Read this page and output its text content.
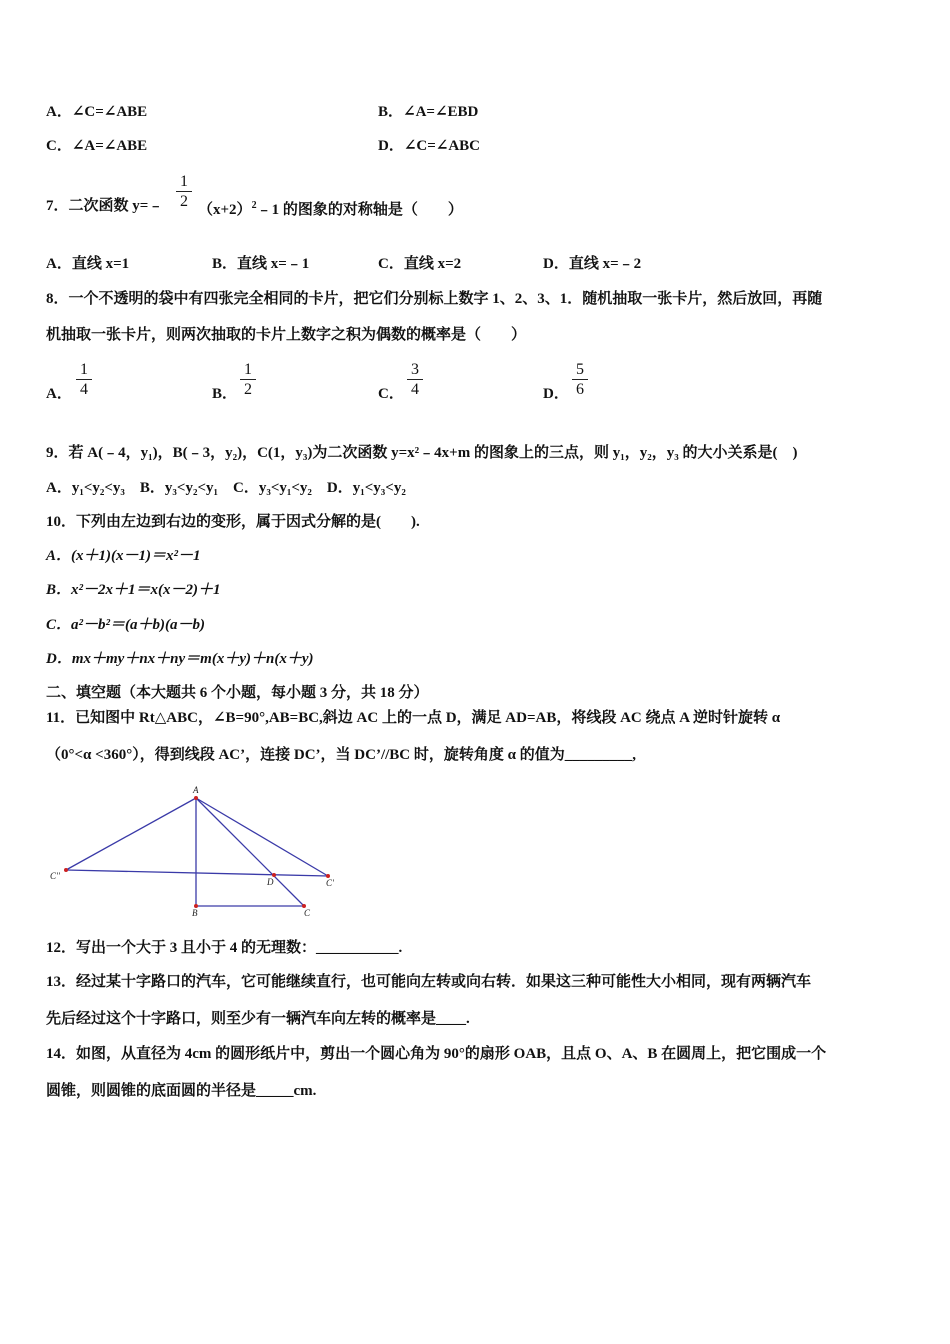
A．∠C=∠ABE	B．∠A=∠EBD
C．∠A=∠ABE	D．∠C=∠ABC
7．二次函数 y=﹣ $\frac{1}{2}$ $(x+2)^2﹣1$ 的图象的对称轴是（　　）
A．直线 x=1	B．直线 x=﹣1	C．直线 x=2	D．直线 x=﹣2
8．一个不透明的袋中有四张完全相同的卡片，把它们分别标上数字 1、2、3、1．随机抽取一张卡片，然后放回，再随
机抽取一张卡片，则两次抽取的卡片上数字之积为偶数的概率是（　　）
A． $\frac{1}{4}$	B． $\frac{1}{2}$	C． $\frac{3}{4}$	D． $\frac{5}{6}$
9．若 A(﹣4，y₁)，B(﹣3，y₂)，C(1，y₃)为二次函数 y=x²﹣4x+m 的图象上的三点，则 y₁，y₂，y₃ 的大小关系是(　)
A．y₁<y₂<y₃　B．y₃<y₂<y₁　C．y₃<y₁<y₂　D．y₁<y₃<y₂
10．下列由左边到右边的变形，属于因式分解的是(　　).
A．(x＋1)(x－1)＝x²－1
B．x²－2x＋1＝x(x－2)＋1
C．a²－b²＝(a＋b)(a－b)
D．mx＋my＋nx＋ny＝m(x＋y)＋n(x＋y)
二、填空题（本大题共 6 个小题，每小题 3 分，共 18 分）
11．已知图中 Rt△ABC，∠B=90°,AB=BC,斜边 AC 上的一点 D，满足 AD=AB，将线段 AC 绕点 A 逆时针旋转 α
（0°<α <360°），得到线段 AC’，连接 DC’，当 DC’//BC 时，旋转角度 α 的值为_________,
A
C''
C'
D
B	C
12．写出一个大于 3 且小于 4 的无理数：___________.
13．经过某十字路口的汽车，它可能继续直行，也可能向左转或向右转．如果这三种可能性大小相同，现有两辆汽车
先后经过这个十字路口，则至少有一辆汽车向左转的概率是____.
14．如图，从直径为 4cm 的圆形纸片中，剪出一个圆心角为 90°的扇形 OAB，且点 O、A、B 在圆周上，把它围成一个
圆锥，则圆锥的底面圆的半径是_____cm.
